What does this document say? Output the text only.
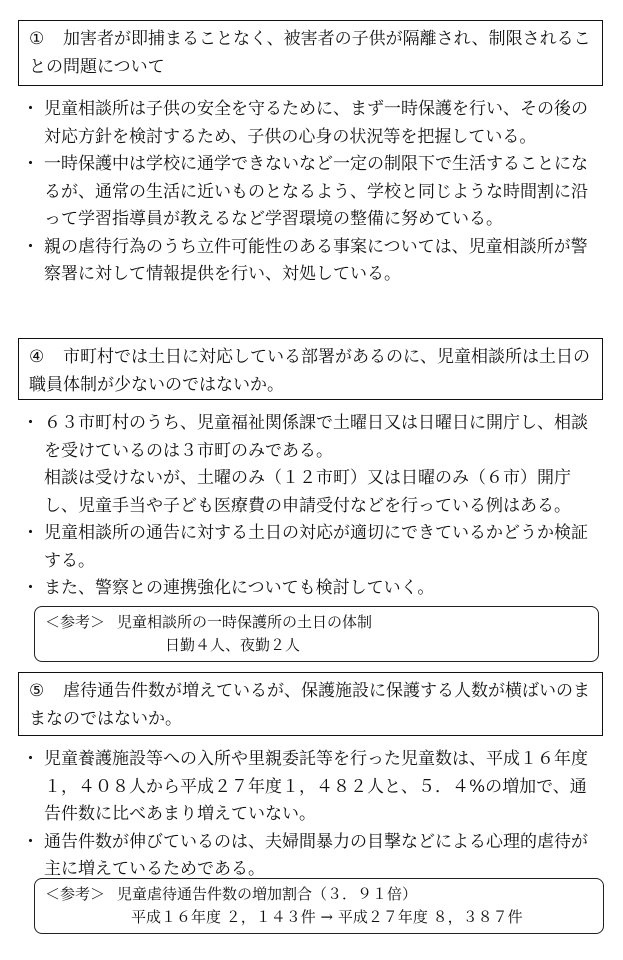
① 加害者が即捕まることなく、被害者の子供が隔離され、制限されることの問題について
・ 児童相談所は子供の安全を守るために、まず一時保護を行い、その後の対応方針を検討するため、子供の心身の状況等を把握している。
・ 一時保護中は学校に通学できないなど一定の制限下で生活することになるが、通常の生活に近いものとなるよう、学校と同じような時間割に沿って学習指導員が教えるなど学習環境の整備に努めている。
・ 親の虐待行為のうち立件可能性のある事案については、児童相談所が警察署に対して情報提供を行い、対処している。
④ 市町村では土日に対応している部署があるのに、児童相談所は土日の職員体制が少ないのではないか。
・ ６３市町村のうち、児童福祉関係課で土曜日又は日曜日に開庁し、相談を受けているのは３市町のみである。
相談は受けないが、土曜のみ（１２市町）又は日曜のみ（６市）開庁し、児童手当や子ども医療費の申請受付などを行っている例はある。
・ 児童相談所の通告に対する土日の対応が適切にできているかどうか検証する。
・ また、警察との連携強化についても検討していく。
＜参考＞ 児童相談所の一時保護所の土日の体制
日勤４人、夜勤２人
⑤ 虐待通告件数が増えているが、保護施設に保護する人数が横ばいのままなのではないか。
・ 児童養護施設等への入所や里親委託等を行った児童数は、平成１６年度１，４０８人から平成２７年度１，４８２人と、５．４%の増加で、通告件数に比べあまり増えていない。
・ 通告件数が伸びているのは、夫婦間暴力の目撃などによる心理的虐待が主に増えているためである。
＜参考＞ 児童虐待通告件数の増加割合（３．９１倍）
平成１６年度 ２，１４３件 → 平成２７年度 ８，３８７件
